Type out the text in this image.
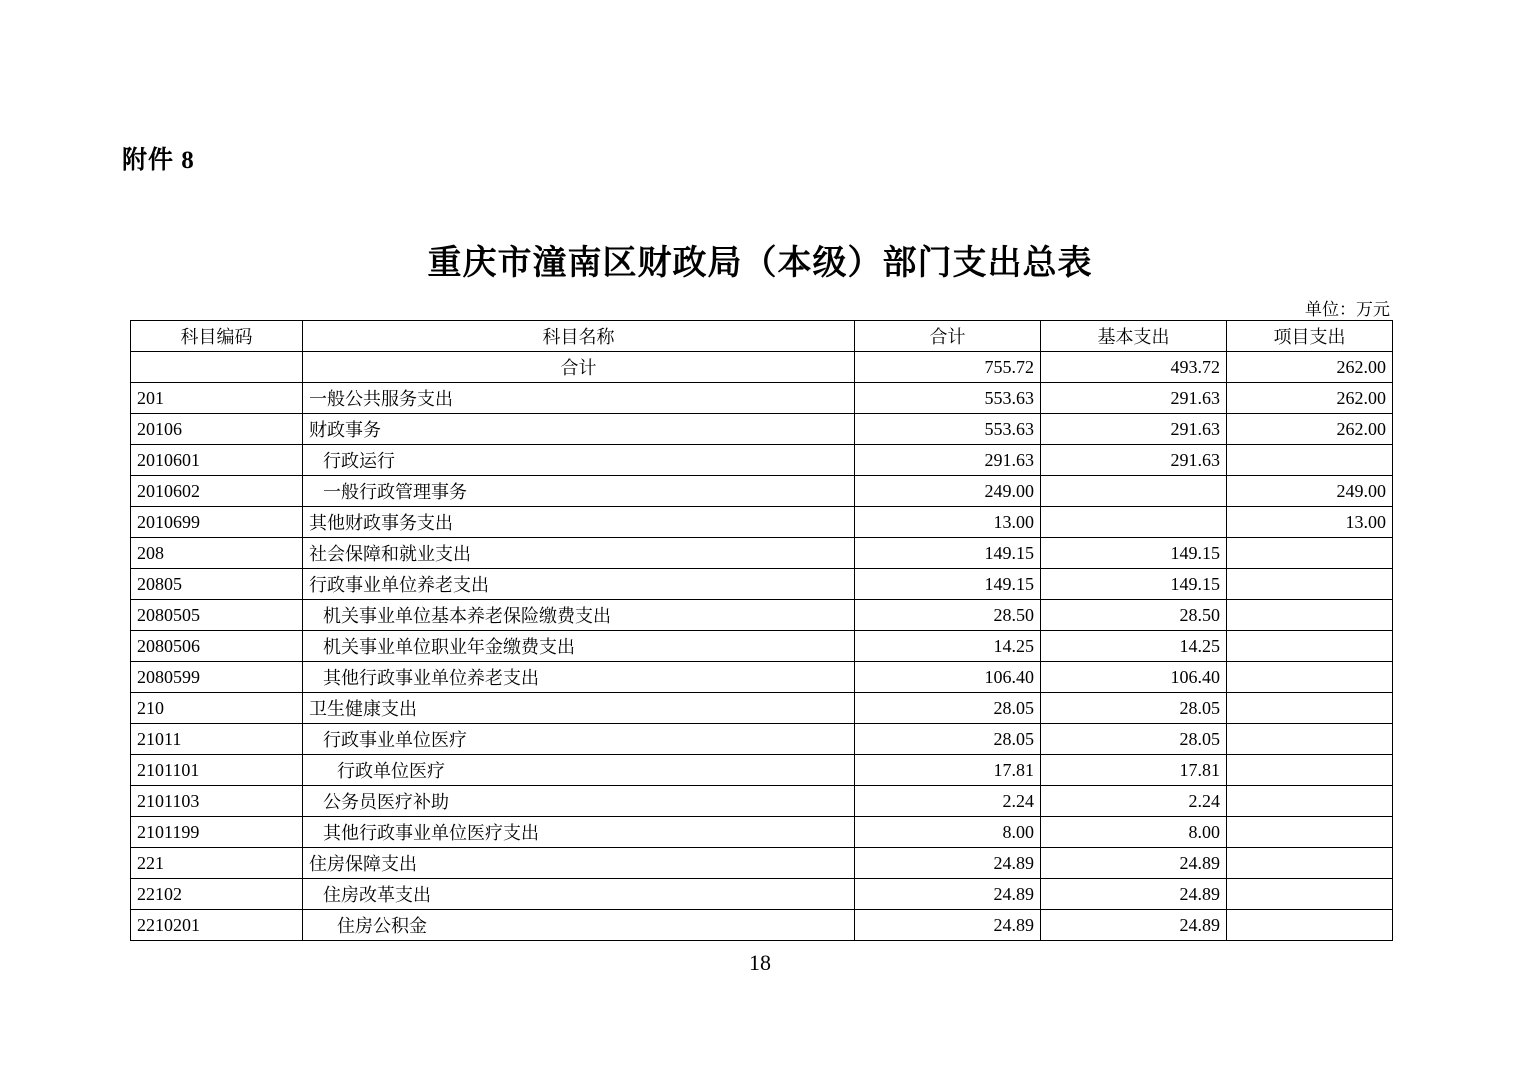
附件 8
重庆市潼南区财政局（本级）部门支出总表
单位：万元
科目编码	科目名称	合计	基本支出	项目支出
	合计	755.72	493.72	262.00
201	一般公共服务支出	553.63	291.63	262.00
20106	财政事务	553.63	291.63	262.00
2010601	行政运行	291.63	291.63	
2010602	一般行政管理事务	249.00		249.00
2010699	其他财政事务支出	13.00		13.00
208	社会保障和就业支出	149.15	149.15	
20805	行政事业单位养老支出	149.15	149.15	
2080505	机关事业单位基本养老保险缴费支出	28.50	28.50	
2080506	机关事业单位职业年金缴费支出	14.25	14.25	
2080599	其他行政事业单位养老支出	106.40	106.40	
210	卫生健康支出	28.05	28.05	
21011	行政事业单位医疗	28.05	28.05	
2101101	行政单位医疗	17.81	17.81	
2101103	公务员医疗补助	2.24	2.24	
2101199	其他行政事业单位医疗支出	8.00	8.00	
221	住房保障支出	24.89	24.89	
22102	住房改革支出	24.89	24.89	
2210201	住房公积金	24.89	24.89	
18
